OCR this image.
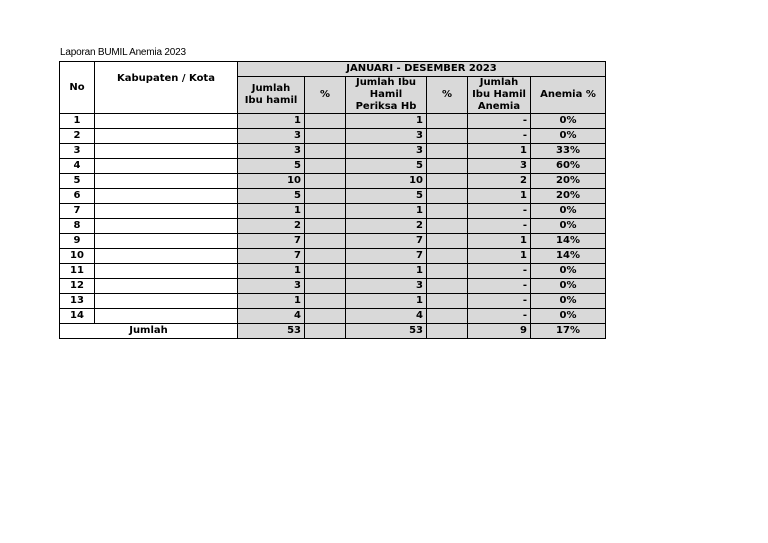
Laporan BUMIL Anemia 2023
No	Kabupaten / Kota	JANUARI - DESEMBER 2023					
		Jumlah Ibu hamil	%	Jumlah Ibu Hamil Periksa Hb	%	Jumlah Ibu Hamil Anemia	Anemia %
1		1		1		-	0%
2		3		3		-	0%
3		3		3		1	33%
4		5		5		3	60%
5		10		10		2	20%
6		5		5		1	20%
7		1		1		-	0%
8		2		2		-	0%
9		7		7		1	14%
10		7		7		1	14%
11		1		1		-	0%
12		3		3		-	0%
13		1		1		-	0%
14		4		4		-	0%
Jumlah		53		53		9	17%
